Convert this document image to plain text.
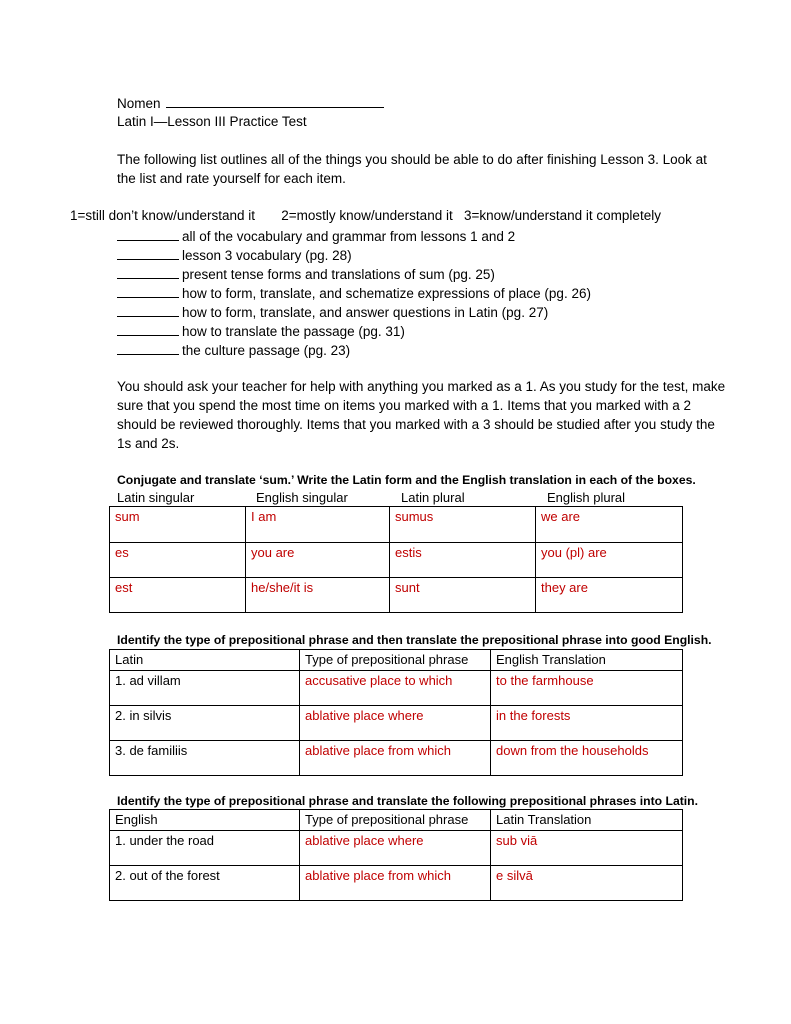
Nomen
Latin I—Lesson III Practice Test
The following list outlines all of the things you should be able to do after finishing Lesson 3. Look at the list and rate yourself for each item.
1=still don’t know/understand it       2=mostly know/understand it   3=know/understand it completely
all of the vocabulary and grammar from lessons 1 and 2
lesson 3 vocabulary (pg. 28)
present tense forms and translations of sum (pg. 25)
how to form, translate, and schematize expressions of place (pg. 26)
how to form, translate, and answer questions in Latin (pg. 27)
how to translate the passage (pg. 31)
the culture passage (pg. 23)
You should ask your teacher for help with anything you marked as a 1. As you study for the test, make sure that you spend the most time on items you marked with a 1. Items that you marked with a 2 should be reviewed thoroughly. Items that you marked with a 3 should be studied after you study the 1s and 2s.
Conjugate and translate ‘sum.’ Write the Latin form and the English translation in each of the boxes.
Latin singular	English singular	Latin plural	English plural
sum	I am	sumus	we are
es	you are	estis	you (pl) are
est	he/she/it is	sunt	they are
Identify the type of prepositional phrase and then translate the prepositional phrase into good English.
Latin	Type of prepositional phrase	English Translation
1. ad villam	accusative place to which	to the farmhouse
2. in silvis	ablative place where	in the forests
3. de familiis	ablative place from which	down from the households
Identify the type of prepositional phrase and translate the following prepositional phrases into Latin.
English	Type of prepositional phrase	Latin Translation
1. under the road	ablative place where	sub viā
2. out of the forest	ablative place from which	e silvā
